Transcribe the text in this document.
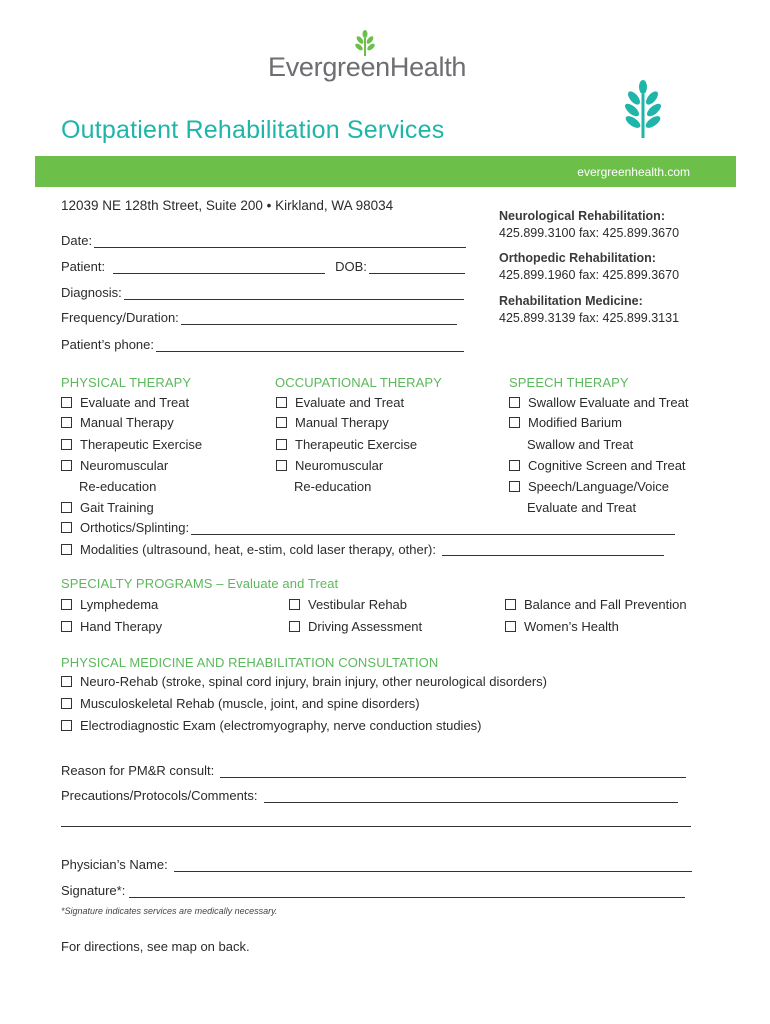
EvergreenHealth
Outpatient Rehabilitation Services
evergreenhealth.com
12039 NE 128th Street, Suite 200 • Kirkland, WA 98034
Date:
Patient:	DOB:
Diagnosis:
Frequency/Duration:
Patient’s phone:
Neurological Rehabilitation:
425.899.3100 fax: 425.899.3670
Orthopedic Rehabilitation:
425.899.1960 fax: 425.899.3670
Rehabilitation Medicine:
425.899.3139 fax: 425.899.3131
PHYSICAL THERAPY
Evaluate and Treat
Manual Therapy
Therapeutic Exercise
Neuromuscular
Re-education
Gait Training
OCCUPATIONAL THERAPY
Evaluate and Treat
Manual Therapy
Therapeutic Exercise
Neuromuscular
Re-education
SPEECH THERAPY
Swallow Evaluate and Treat
Modified Barium
Swallow and Treat
Cognitive Screen and Treat
Speech/Language/Voice
Evaluate and Treat
Orthotics/Splinting:
Modalities (ultrasound, heat, e-stim, cold laser therapy, other):
SPECIALTY PROGRAMS – Evaluate and Treat
Lymphedema	Vestibular Rehab	Balance and Fall Prevention
Hand Therapy	Driving Assessment	Women’s Health
PHYSICAL MEDICINE AND REHABILITATION CONSULTATION
Neuro-Rehab (stroke, spinal cord injury, brain injury, other neurological disorders)
Musculoskeletal Rehab (muscle, joint, and spine disorders)
Electrodiagnostic Exam (electromyography, nerve conduction studies)
Reason for PM&R consult:
Precautions/Protocols/Comments:
Physician’s Name:
Signature*:
*Signature indicates services are medically necessary.
For directions, see map on back.
